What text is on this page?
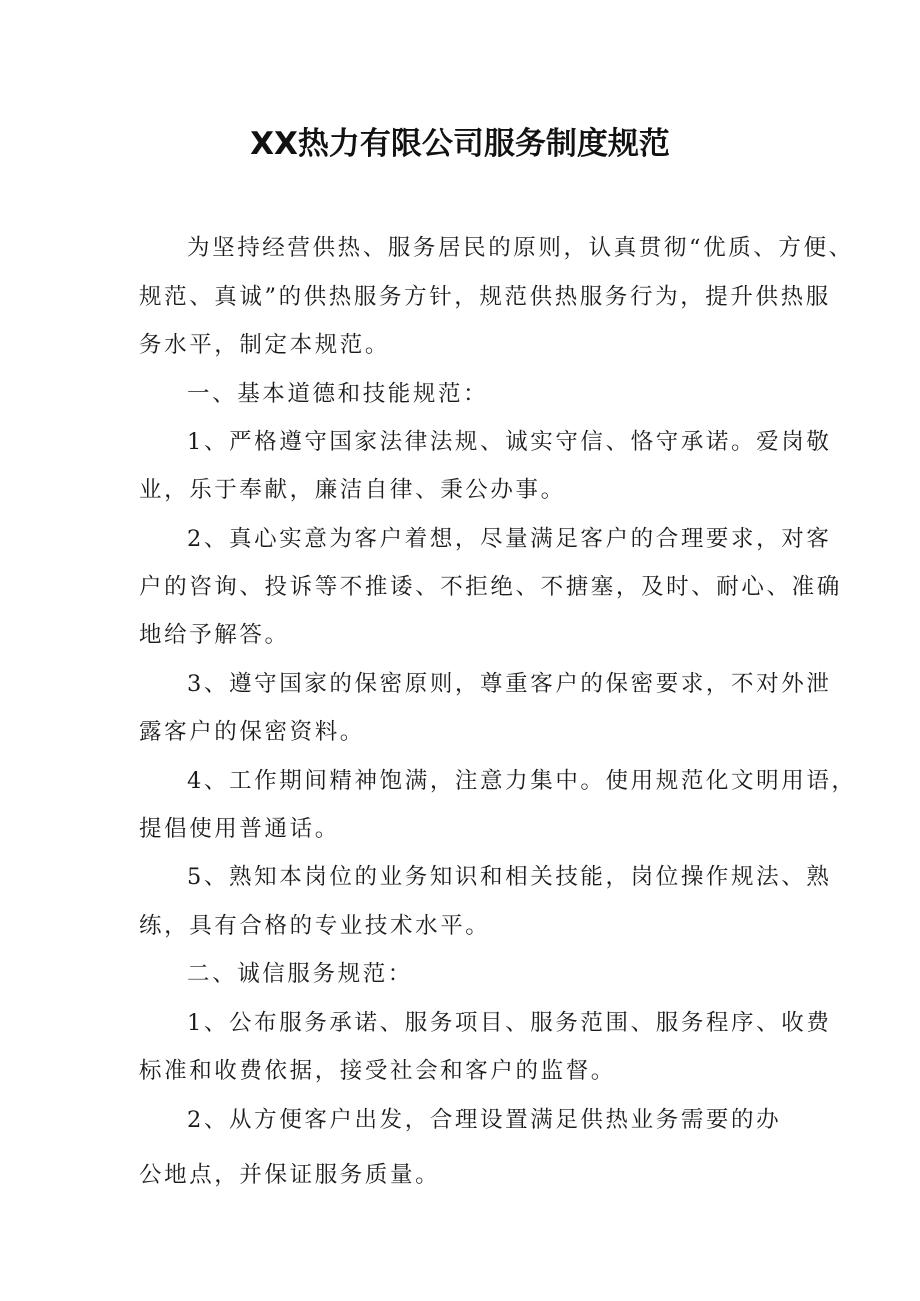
XX热力有限公司服务制度规范
为坚持经营供热、服务居民的原则，认真贯彻“优质、方便、
规范、真诚”的供热服务方针，规范供热服务行为，提升供热服
务水平，制定本规范。
一、基本道德和技能规范：
1、严格遵守国家法律法规、诚实守信、恪守承诺。爱岗敬
业，乐于奉献，廉洁自律、秉公办事。
2、真心实意为客户着想，尽量满足客户的合理要求，对客
户的咨询、投诉等不推诿、不拒绝、不搪塞，及时、耐心、准确
地给予解答。
3、遵守国家的保密原则，尊重客户的保密要求，不对外泄
露客户的保密资料。
4、工作期间精神饱满，注意力集中。使用规范化文明用语，
提倡使用普通话。
5、熟知本岗位的业务知识和相关技能，岗位操作规法、熟
练，具有合格的专业技术水平。
二、诚信服务规范：
1、公布服务承诺、服务项目、服务范围、服务程序、收费
标准和收费依据，接受社会和客户的监督。
2、从方便客户出发，合理设置满足供热业务需要的办
公地点，并保证服务质量。
